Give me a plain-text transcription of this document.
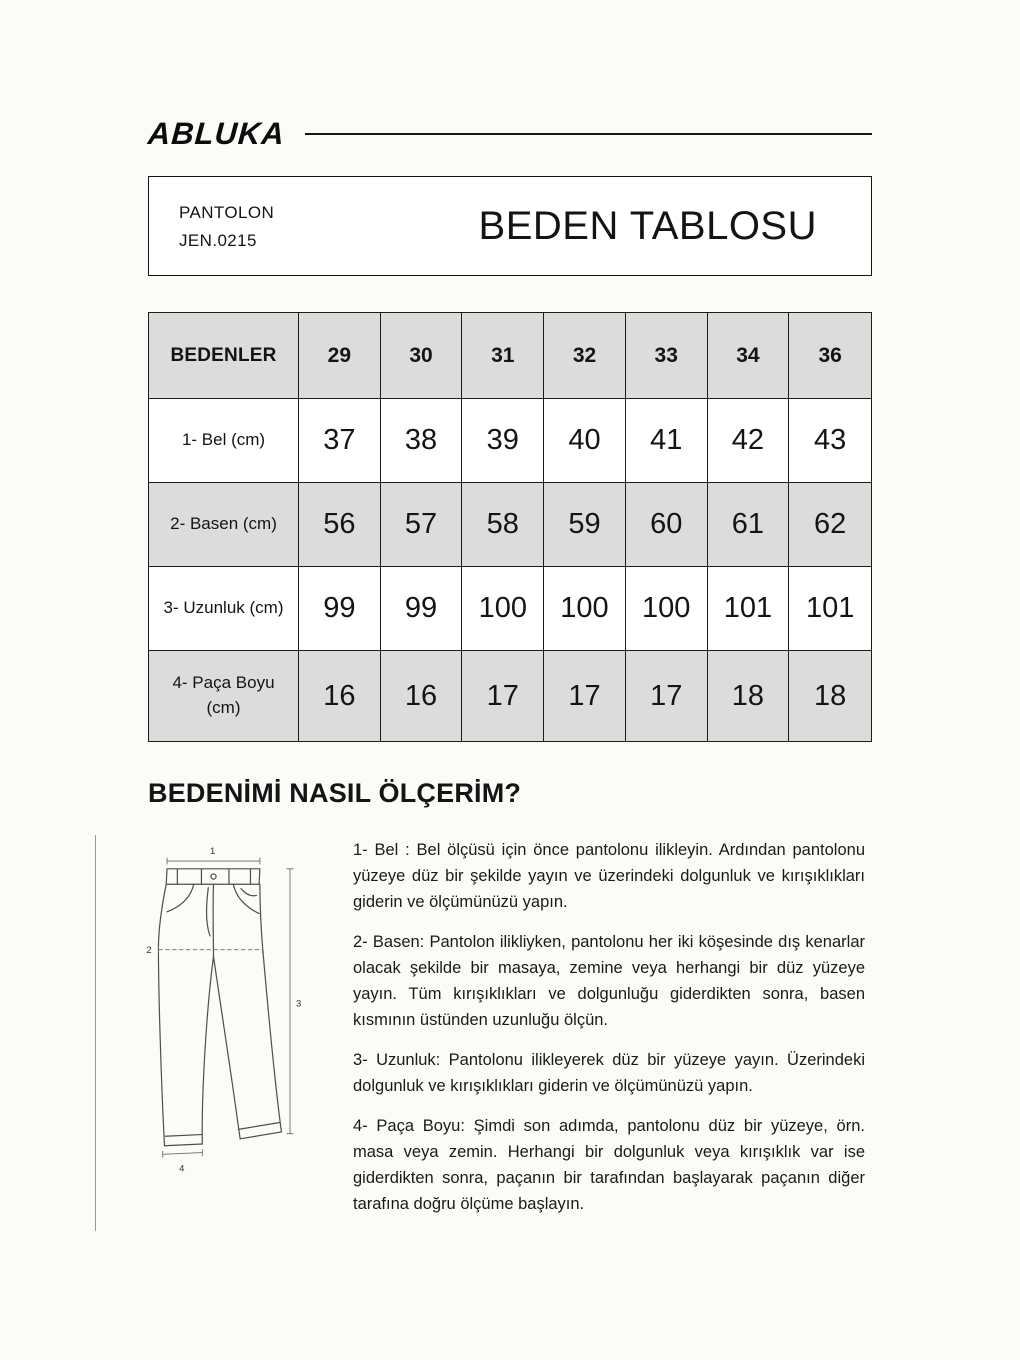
ABLUKA
PANTOLON
JEN.0215	BEDEN TABLOSU
BEDENLER	29	30	31	32	33	34	36
1- Bel (cm)	37	38	39	40	41	42	43
2- Basen (cm)	56	57	58	59	60	61	62
3- Uzunluk (cm)	99	99	100	100	100	101	101
4- Paça Boyu (cm)	16	16	17	17	17	18	18
BEDENİMİ NASIL ÖLÇERİM?
1
2
3
4

1- Bel : Bel ölçüsü için önce pantolonu ilikleyin. Ardından pantolonu yüzeye düz bir şekilde yayın ve üzerindeki dolgunluk ve kırışıklıkları giderin ve ölçümünüzü yapın.

2- Basen: Pantolon ilikliyken, pantolonu her iki köşesinde dış kenarlar olacak şekilde bir masaya, zemine veya herhangi bir düz yüzeye yayın. Tüm kırışıklıkları ve dolgunluğu giderdikten sonra, basen kısmının üstünden uzunluğu ölçün.

3- Uzunluk: Pantolonu ilikleyerek düz bir yüzeye yayın. Üzerindeki dolgunluk ve kırışıklıkları giderin ve ölçümünüzü yapın.

4- Paça Boyu: Şimdi son adımda, pantolonu düz bir yüzeye, örn. masa veya zemin. Herhangi bir dolgunluk veya kırışıklık var ise giderdikten sonra, paçanın bir tarafından başlayarak paçanın diğer tarafına doğru ölçüme başlayın.
